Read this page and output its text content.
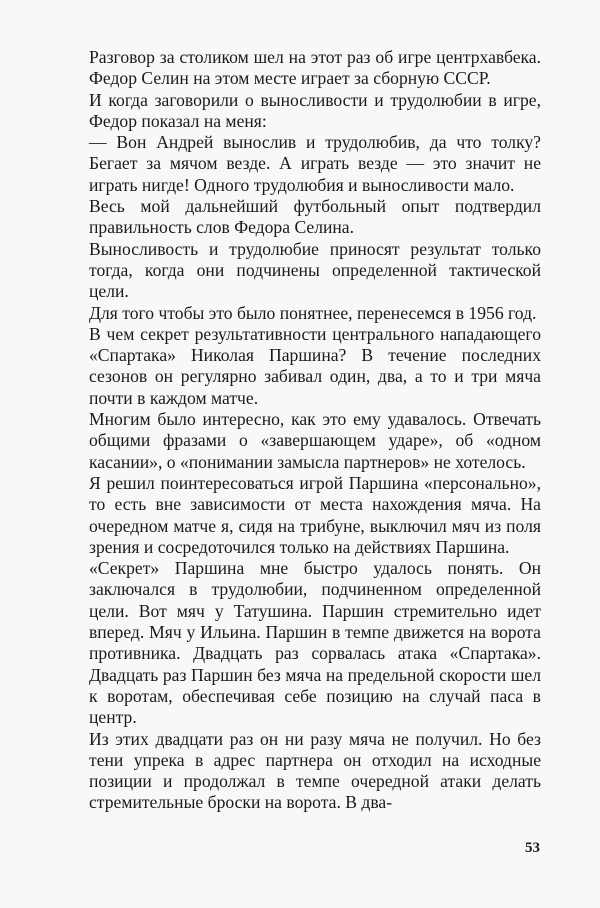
Разговор за столиком шел на этот раз об игре центрхавбека. Федор Селин на этом месте играет за сборную СССР.

И когда заговорили о выносливости и трудолюбии в игре, Федор показал на меня:

— Вон Андрей вынослив и трудолюбив, да что толку? Бегает за мячом везде. А играть везде — это значит не играть нигде! Одного трудолюбия и выносливости мало.

Весь мой дальнейший футбольный опыт подтвердил правильность слов Федора Селина.

Выносливость и трудолюбие приносят результат только тогда, когда они подчинены определенной тактической цели.

Для того чтобы это было понятнее, перенесемся в 1956 год.

В чем секрет результативности центрального нападающего «Спартака» Николая Паршина? В течение последних сезонов он регулярно забивал один, два, а то и три мяча почти в каждом матче.

Многим было интересно, как это ему удавалось. Отвечать общими фразами о «завершающем ударе», об «одном касании», о «понимании замысла партнеров» не хотелось.

Я решил поинтересоваться игрой Паршина «персонально», то есть вне зависимости от места нахождения мяча. На очередном матче я, сидя на трибуне, выключил мяч из поля зрения и сосредоточился только на действиях Паршина.

«Секрет» Паршина мне быстро удалось понять. Он заключался в трудолюбии, подчиненном определенной цели. Вот мяч у Татушина. Паршин стремительно идет вперед. Мяч у Ильина. Паршин в темпе движется на ворота противника. Двадцать раз сорвалась атака «Спартака». Двадцать раз Паршин без мяча на предельной скорости шел к воротам, обеспечивая себе позицию на случай паса в центр.

Из этих двадцати раз он ни разу мяча не получил. Но без тени упрека в адрес партнера он отходил на исходные позиции и продолжал в темпе очередной атаки делать стремительные броски на ворота. В два-

53
